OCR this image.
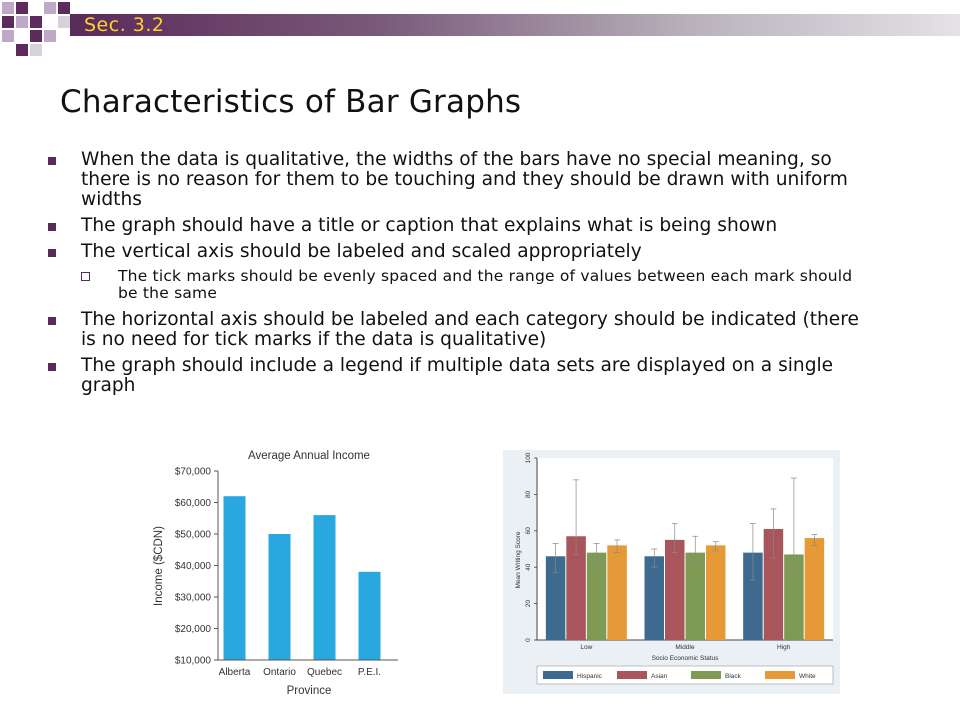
Sec. 3.2
Characteristics of Bar Graphs
When the data is qualitative, the widths of the bars have no special meaning, so there is no reason for them to be touching and they should be drawn with uniform widths
The graph should have a title or caption that explains what is being shown
The vertical axis should be labeled and scaled appropriately
The tick marks should be evenly spaced and the range of values between each mark should be the same
The horizontal axis should be labeled and each category should be indicated (there is no need for tick marks if the data is qualitative)
The graph should include a legend if multiple data sets are displayed on a single graph
Average Annual Income
$10,000
$20,000
$30,000
$40,000
$50,000
$60,000
$70,000
Alberta Ontario Quebec P.E.I.
Province
Income ($CDN)
0
20
40
60
80
100
Low	Middle	High
Socio Economic Status
Mean Writing Score
Hispanic	Asian	Black	White
